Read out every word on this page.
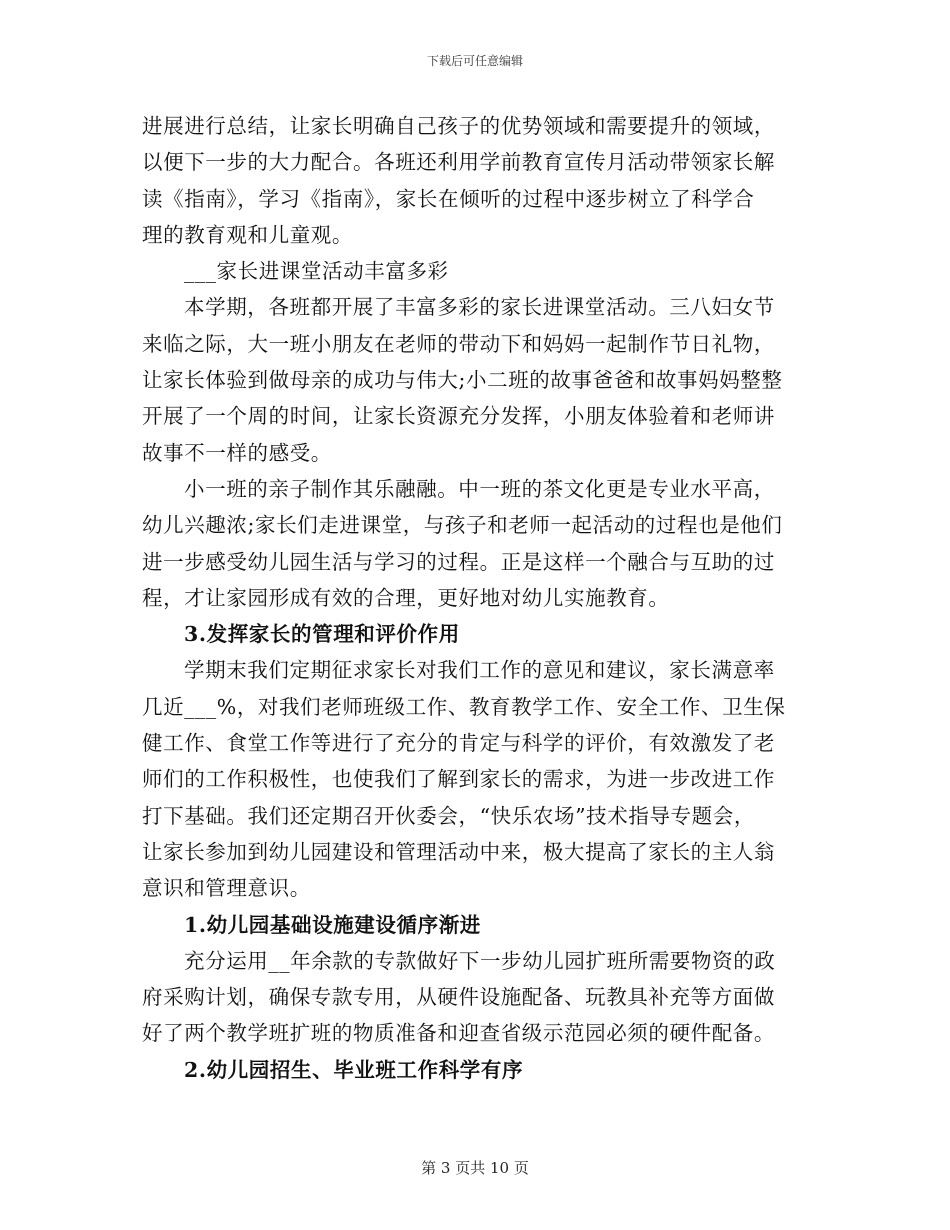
下载后可任意编辑
进展进行总结，让家长明确自己孩子的优势领域和需要提升的领域，
以便下一步的大力配合。各班还利用学前教育宣传月活动带领家长解
读《指南》，学习《指南》，家长在倾听的过程中逐步树立了科学合
理的教育观和儿童观。
___家长进课堂活动丰富多彩
本学期，各班都开展了丰富多彩的家长进课堂活动。三八妇女节
来临之际，大一班小朋友在老师的带动下和妈妈一起制作节日礼物，
让家长体验到做母亲的成功与伟大;小二班的故事爸爸和故事妈妈整整
开展了一个周的时间，让家长资源充分发挥，小朋友体验着和老师讲
故事不一样的感受。
小一班的亲子制作其乐融融。中一班的茶文化更是专业水平高，
幼儿兴趣浓;家长们走进课堂，与孩子和老师一起活动的过程也是他们
进一步感受幼儿园生活与学习的过程。正是这样一个融合与互助的过
程，才让家园形成有效的合理，更好地对幼儿实施教育。
3.发挥家长的管理和评价作用
学期末我们定期征求家长对我们工作的意见和建议，家长满意率
几近___%，对我们老师班级工作、教育教学工作、安全工作、卫生保
健工作、食堂工作等进行了充分的肯定与科学的评价，有效激发了老
师们的工作积极性，也使我们了解到家长的需求，为进一步改进工作
打下基础。我们还定期召开伙委会，“快乐农场”技术指导专题会，
让家长参加到幼儿园建设和管理活动中来，极大提高了家长的主人翁
意识和管理意识。
1.幼儿园基础设施建设循序渐进
充分运用__年余款的专款做好下一步幼儿园扩班所需要物资的政
府采购计划，确保专款专用，从硬件设施配备、玩教具补充等方面做
好了两个教学班扩班的物质准备和迎查省级示范园必须的硬件配备。
2.幼儿园招生、毕业班工作科学有序
第 3 页共 10 页
